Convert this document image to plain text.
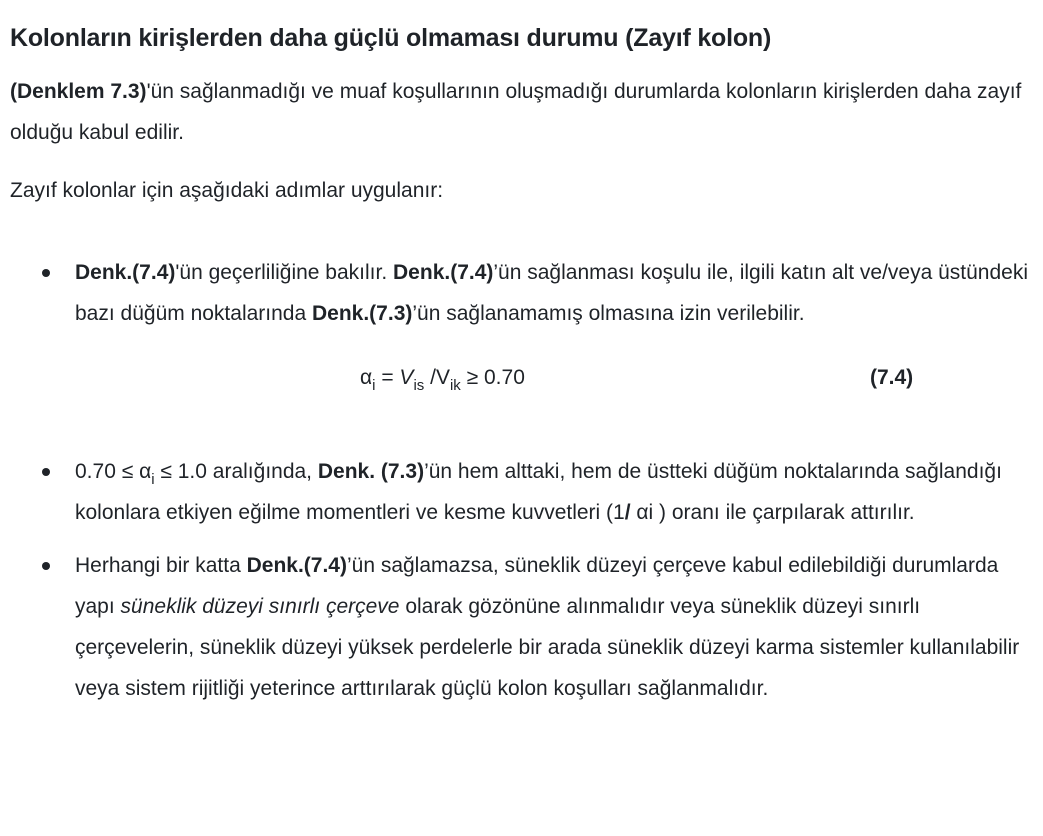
Kolonların kirişlerden daha güçlü olmaması durumu (Zayıf kolon)

(Denklem 7.3)'ün sağlanmadığı ve muaf koşullarının oluşmadığı durumlarda kolonların kirişlerden daha zayıf olduğu kabul edilir.

Zayıf kolonlar için aşağıdaki adımlar uygulanır:

Denk.(7.4)'ün geçerliliğine bakılır. Denk.(7.4)’ün sağlanması koşulu ile, ilgili katın alt ve/veya üstündeki bazı düğüm noktalarında Denk.(7.3)’ün sağlanamamış olmasına izin verilebilir.
$\alpha_i = V_{is}$ $/V_{ik} \ge 0.70$	(7.4)
$0.70 \le \alpha_i \le 1.0$ aralığında, Denk. (7.3)’ün hem alttaki, hem de üstteki düğüm noktalarında sağlandığı kolonlara etkiyen eğilme momentleri ve kesme kuvvetleri (1/ αi ) oranı ile çarpılarak attırılır.
Herhangi bir katta Denk.(7.4)’ün sağlamazsa, süneklik düzeyi çerçeve kabul edilebildiği durumlarda yapı süneklik düzeyi sınırlı çerçeve olarak gözönüne alınmalıdır veya süneklik düzeyi sınırlı çerçevelerin, süneklik düzeyi yüksek perdelerle bir arada süneklik düzeyi karma sistemler kullanılabilir veya sistem rijitliği yeterince arttırılarak güçlü kolon koşulları sağlanmalıdır.
